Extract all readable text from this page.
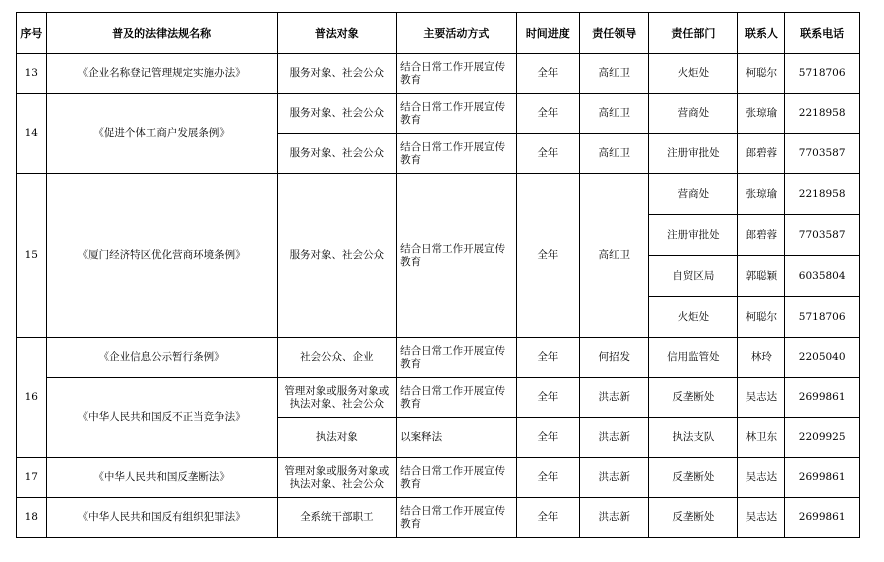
序号	普及的法律法规名称	普法对象	主要活动方式	时间进度	责任领导	责任部门	联系人	联系电话
13	《企业名称登记管理规定实施办法》	服务对象、社会公众	结合日常工作开展宣传教育	全年	高红卫	火炬处	柯聪尔	5718706
14	《促进个体工商户发展条例》	服务对象、社会公众	结合日常工作开展宣传教育	全年	高红卫	营商处	张琼瑜	2218958
		服务对象、社会公众	结合日常工作开展宣传教育	全年	高红卫	注册审批处	郎碧蓉	7703587
15	《厦门经济特区优化营商环境条例》	服务对象、社会公众	结合日常工作开展宣传教育	全年	高红卫	营商处	张琼瑜	2218958
						注册审批处	郎碧蓉	7703587
						自贸区局	郭聪颖	6035804
						火炬处	柯聪尔	5718706
16	《企业信息公示暂行条例》	社会公众、企业	结合日常工作开展宣传教育	全年	何招发	信用监管处	林玲	2205040
	《中华人民共和国反不正当竞争法》	管理对象或服务对象或执法对象、社会公众	结合日常工作开展宣传教育	全年	洪志新	反垄断处	吴志达	2699861
		执法对象	以案释法	全年	洪志新	执法支队	林卫东	2209925
17	《中华人民共和国反垄断法》	管理对象或服务对象或执法对象、社会公众	结合日常工作开展宣传教育	全年	洪志新	反垄断处	吴志达	2699861
18	《中华人民共和国反有组织犯罪法》	全系统干部职工	结合日常工作开展宣传教育	全年	洪志新	反垄断处	吴志达	2699861
